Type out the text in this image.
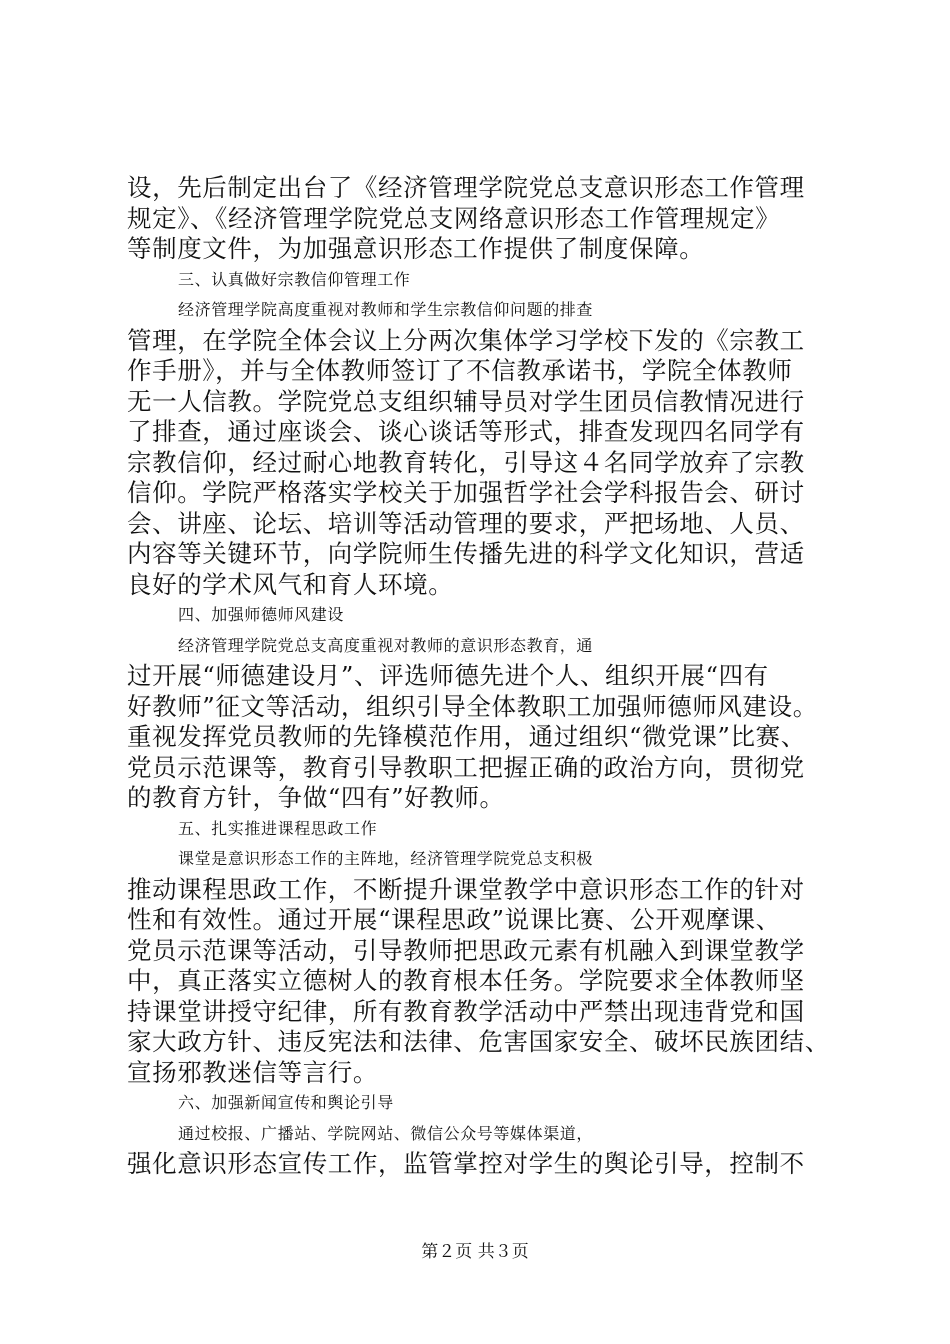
设，先后制定出台了《经济管理学院党总支意识形态工作管理
规定》、《经济管理学院党总支网络意识形态工作管理规定》
等制度文件，为加强意识形态工作提供了制度保障。
三、认真做好宗教信仰管理工作
经济管理学院高度重视对教师和学生宗教信仰问题的排查
管理，在学院全体会议上分两次集体学习学校下发的《宗教工
作手册》，并与全体教师签订了不信教承诺书，学院全体教师
无一人信教。学院党总支组织辅导员对学生团员信教情况进行
了排查，通过座谈会、谈心谈话等形式，排查发现四名同学有
宗教信仰，经过耐心地教育转化，引导这４名同学放弃了宗教
信仰。学院严格落实学校关于加强哲学社会学科报告会、研讨
会、讲座、论坛、培训等活动管理的要求，严把场地、人员、
内容等关键环节，向学院师生传播先进的科学文化知识，营适
良好的学术风气和育人环境。
四、加强师德师风建设
经济管理学院党总支高度重视对教师的意识形态教育，通
过开展“师德建设月”、评选师德先进个人、组织开展“四有
好教师”征文等活动，组织引导全体教职工加强师德师风建设。
重视发挥党员教师的先锋模范作用，通过组织“微党课”比赛、
党员示范课等，教育引导教职工把握正确的政治方向，贯彻党
的教育方针，争做“四有”好教师。
五、扎实推进课程思政工作
课堂是意识形态工作的主阵地，经济管理学院党总支积极
推动课程思政工作，不断提升课堂教学中意识形态工作的针对
性和有效性。通过开展“课程思政”说课比赛、公开观摩课、
党员示范课等活动，引导教师把思政元素有机融入到课堂教学
中，真正落实立德树人的教育根本任务。学院要求全体教师坚
持课堂讲授守纪律，所有教育教学活动中严禁出现违背党和国
家大政方针、违反宪法和法律、危害国家安全、破坏民族团结、
宣扬邪教迷信等言行。
六、加强新闻宣传和舆论引导
通过校报、广播站、学院网站、微信公众号等媒体渠道，
强化意识形态宣传工作，监管掌控对学生的舆论引导，控制不
第２页 共３页
